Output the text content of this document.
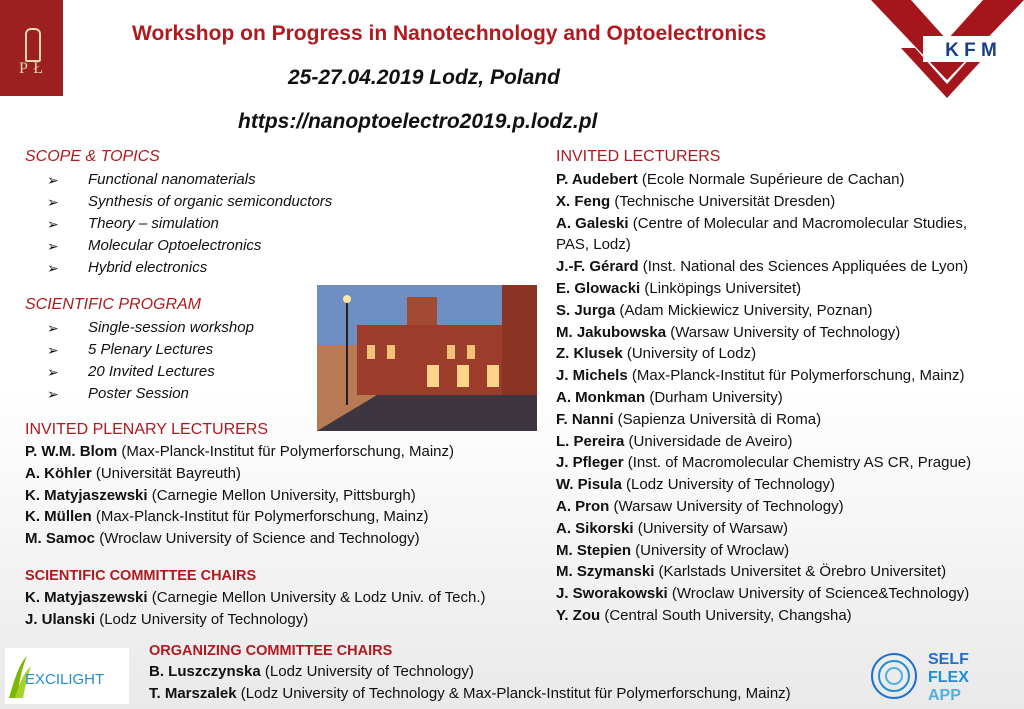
P Ł
Workshop on Progress in Nanotechnology and Optoelectronics
25-27.04.2019 Lodz, Poland
https://nanoptoelectro2019.p.lodz.pl
K F M
SCOPE & TOPICS
➢ Functional nanomaterials
➢ Synthesis of organic semiconductors
➢ Theory – simulation
➢ Molecular Optoelectronics
➢ Hybrid electronics
SCIENTIFIC PROGRAM
➢ Single-session workshop
➢ 5 Plenary Lectures
➢ 20 Invited Lectures
➢ Poster Session
INVITED PLENARY LECTURERS
P. W.M. Blom (Max-Planck-Institut für Polymerforschung, Mainz)
A. Köhler (Universität Bayreuth)
K. Matyjaszewski (Carnegie Mellon University, Pittsburgh)
K. Müllen (Max-Planck-Institut für Polymerforschung, Mainz)
M. Samoc (Wroclaw University of Science and Technology)
SCIENTIFIC COMMITTEE CHAIRS
K. Matyjaszewski (Carnegie Mellon University & Lodz Univ. of Tech.)
J. Ulanski (Lodz University of Technology)
ORGANIZING COMMITTEE CHAIRS
B. Luszczynska (Lodz University of Technology)
T. Marszalek (Lodz University of Technology & Max-Planck-Institut für Polymerforschung, Mainz)
INVITED LECTURERS
P. Audebert (Ecole Normale Supérieure de Cachan)
X. Feng (Technische Universität Dresden)
A. Galeski (Centre of Molecular and Macromolecular Studies,
PAS, Lodz)
J.-F. Gérard (Inst. National des Sciences Appliquées de Lyon)
E. Glowacki (Linköpings Universitet)
S. Jurga (Adam Mickiewicz University, Poznan)
M. Jakubowska (Warsaw University of Technology)
Z. Klusek (University of Lodz)
J. Michels (Max-Planck-Institut für Polymerforschung, Mainz)
A. Monkman (Durham University)
F. Nanni (Sapienza Università di Roma)
L. Pereira (Universidade de Aveiro)
J. Pfleger (Inst. of Macromolecular Chemistry AS CR, Prague)
W. Pisula (Lodz University of Technology)
A. Pron (Warsaw University of Technology)
A. Sikorski (University of Warsaw)
M. Stepien (University of Wroclaw)
M. Szymanski (Karlstads Universitet & Örebro Universitet)
J. Sworakowski (Wroclaw University of Science&Technology)
Y. Zou (Central South University, Changsha)
EXCILIGHT
SELF
FLEX
APP
